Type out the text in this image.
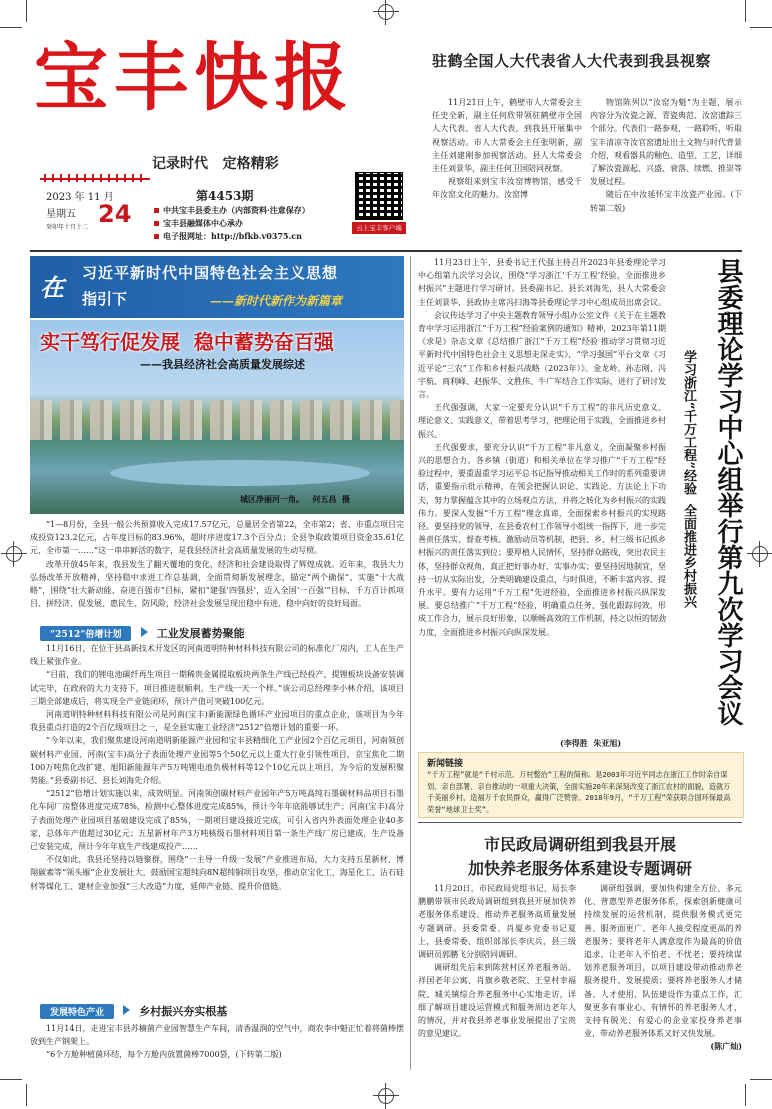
宝丰快报
记录时代   定格精彩
2023 年 11 月
星期五
癸卯年十月十二 24
第4453期
中共宝丰县委主办（内部资料·注意保存）
宝丰县融媒体中心承办
电子报网址：http://bfkb.v0375.cn
云上宝丰客户端
驻鹤全国人大代表省人大代表到我县视察

11月21日上午，鹤壁市人大常委会主任史全新，副主任何欣带领驻鹤壁市全国人大代表、省人大代表，到我县开展集中视察活动。市人大常委会主任张明新，副主任刘建刚参加视察活动。县人大常委会主任刘景华，副主任何卫国陪同视察。

视察组来到宝丰汝窑博物馆，感受千年汝窑文化的魅力。汝窑博

物馆陈列以“汝窑为魁”为主题，展示内容分为汝瓷之源、青瓷典范、汝窑遗踪三个部分。代表们一路参观，一路聆听，听取宝丰清凉寺汝官窑遗址出土文物与时代背景介绍，观看器具的釉色、造型、工艺，详细了解汝瓷源起、兴盛、衰落、续燃、推崇等发展过程。

随后在中汝延怀宝丰汝瓷产业园。(下转第二版)

在 习近平新时代中国特色社会主义思想
指引下	——新时代新作为新篇章
实干笃行促发展  稳中蓄势奋百强
——我县经济社会高质量发展综述
城区净丽河一角。   何五昌  摄

“1—8月份，全县一般公共预算收入完成17.57亿元，总量居全省第22，全市第2；省、市重点项目完成投资123.2亿元，占年度目标的83.96%，超时序进度17.3个百分点；全县争取政策项目资金35.61亿元，全市第一……”这一串串鲜活的数字，是我县经济社会高质量发展的生动写照。

改革开放45年来，我县发生了翻天覆地的变化，经济和社会建设取得了辉煌成就。近年来，我县大力弘扬改革开放精神，坚持稳中求进工作总基调，全面贯彻新发展理念，锚定“两个确保”、实施“十大战略”，围绕“壮大新动能、奋进百强市”目标，紧扣“建强‘四强县’，迈入全国‘一百强’”目标，千方百计抓项目、拼经济、促发展、惠民生、防风险，经济社会发展呈现出稳中有进、稳中向好的良好局面。

“2512”倍增计划	工业发展蓄势聚能

11月16日，在位于县高新技术开发区的河南道明特种材料科技有限公司的标准化厂房内，工人在生产线上紧张作业。

“目前，我们的锂电池碳纤再生项目一期稀贵金属提取板块两条生产线已经投产，提锂板块设备安装调试完毕，在政府的大力支持下，项目推进很顺利，生产线一天一个样。”该公司总经理李小林介绍，该项目三期全部建成后，将实现全产业链闭环，预计产值可突破100亿元。

河南道明特种材料科技有限公司是河南(宝丰)新能源绿色循环产业园项目的重点企业，该项目为今年我县重点打造的2个百亿级项目之一，是全县实施工业经济“2512”倍增计划的重要一环。

“今年以来，我们聚焦建设河南道明新能源产业园和宝丰县精细化工产业园2个百亿元项目，河南领创碳材料产业园、河南(宝丰)高分子表面处理产业园等5个50亿元以上重大行业引领性项目，京宝焦化二期100万吨焦化改扩建、旭阳新能源年产5万吨锂电池负极材料等12个10亿元以上项目，为今后的发展积聚势能。”县委副书记、县长刘海先介绍。

“2512”倍增计划实施以来，成效明显。河南领创碳材料产业园年产5万吨高纯石墨碳材料品项目石墨化车间厂房整体进度完成78%，检测中心整体进度完成85%，预计今年年底能够试生产；河南(宝丰)高分子表面处理产业园项目基础建设完成了85%，一期项目建设接近完成，可引入省内外表面处理企业40多家，总体年产值超过30亿元；五星新材年产3万吨核级石墨材料项目第一条生产线厂房已建成，生产设备已安装完成，预计今年年底生产线建成投产……

不仅如此，我县还坚持以链聚群，围绕“一主导一升级一发展”产业推进布局，大力支持五星新材、博翔碳素等“领头雁”企业发展壮大，鼓励国宝超纯向8N超纯铜项目攻坚，推动京宝化工、海星化工、沾石硅材等煤化工、建材企业加强“三大改造”力度，延伸产业链、提升价值链。

发展特色产业	乡村振兴夯实根基

11月14日，走进宝丰县苏楠菌产业园智慧生产车间，清香温润的空气中，商农李中魁正忙着将菌棒摆放到生产钢架上。

“6个方舱种植菌环结，每个方舱内放置菌棒7000袋，(下转第二版)

11月23日上午，县委书记王代强主持召开2023年县委理论学习中心组第九次学习会议，围绕“学习浙江‘千万工程’经验，全面推进乡村振兴”主题进行学习研讨。县委副书记、县长刘海先，县人大常委会主任刘景华，县政协主席冯扫海等县委理论学习中心组成员出席会议。

会议传达学习了中央主题教育领导小组办公室文件《关于在主题教育中学习运用浙江“千万工程”经验案例的通知》精神，2023年第11期《求是》杂志文章《总结推广浙江“千万工程”经验 推动学习贯彻习近平新时代中国特色社会主义思想走深走实》，“学习强国”平台文章《习近平论“三农”工作和乡村振兴战略（2023年）》。金龙岭、孙志刚、冯宇航、商利峰、赵振华、文胜伟、牛广军结合工作实际，进行了研讨发言。

王代强强调，大家一定要充分认识“千万工程”的非凡历史意义、理论意义、实践意义，带着思考学习，把理论用于实践，全面推进乡村振兴。

王代强要求，要充分认识“千万工程”非凡意义，全面凝聚乡村振兴的思想合力。各乡镇（街道）和相关单位在学习推广“千万工程”经验过程中，要重温重学习运平总书记指导推动相关工作时的系列重要讲话，重要指示批示精神，在领会把握认识论、实践论、方法论上下功夫，努力掌握蕴含其中的立场观点方法，并将之转化为乡村振兴的实践伟力。要深入发掘“千万工程”理念真谛，全面探索乡村振兴的实现路径。要坚持党的领导，在县委农村工作领导小组统一指挥下，进一步完善责任落实、督查考核、激励动员等机制，把县、乡、村三级书记抓乡村振兴的责任落实到位；要厚植人民情怀，坚持群众路线，突出农民主体，坚持群众视角，真正把好事办好、实事办实；要坚持因地制宜，坚持一切从实际出发，分类明确建设重点，与时俱进，不断丰富内容、提升水平。要有力运用“千万工程”先进经验，全面推进乡村振兴纵深发展。要总结推广“千万工程”经验，明确重点任务，强化跟踪问效，形成工作合力，展示良好形象，以顺畅高效的工作机制，持之以恒的韧劲力度，全面推进乡村振兴向纵深发展。

(李得胜  朱亚旭)
县委理论学习中心组举行第九次学习会议
学习浙江“千万工程”经验  全面推进乡村振兴
新闻链接
“千万工程”就是“千村示范、万村整治”工程的简称。是2003年习近平同志在浙江工作时亲自谋划、亲自部署、亲自推动的一项重大决策，全面实施20年来深刻改变了浙江农村的面貌，造就万千美丽乡村，造福万千农民群众，赢得广泛赞誉。2018年9月，“千万工程”荣获联合国环保最高荣誉“地球卫士奖”。
市民政局调研组到我县开展
加快养老服务体系建设专题调研

11月20日，市民政局党组书记、局长李鹏鹏带领市民政局调研组到我县开展加快养老服务体系建设、推动养老服务高质量发展专题调研。县委常委、肖厦乡党委书记夏上，县委常委、组织部部长李庆兵，县三级调研员郭鹏飞分别陪同调研。

调研组先后来到陈营村区养老服务站、祥国老年公寓、肖旗乡敬老院、王堂村幸福院、城关镇综合养老服务中心实地走访，详细了解项目建设运营模式和服务周边老年人的情况，并对我县养老事业发展提出了宝贵的意见建议。

调研组强调，要加快构建全方位、多元化、普惠型养老服务体系，探索创新健康可持续发展的运营机制，提供服务模式更完善、服务面更广、老年人接受程度更高的养老服务；要将老年人满意度作为最高的价值追求，让老年人不怕老、不忧老；要持续谋划养老服务项目，以项目建设带动推动养老服务提升、发展提质；要将养老服务人才储备、人才使用、队伍建设作为重点工作，汇聚更多有事业心、有情怀的养老服务人才，支持有脱光、有爱心的企业家投身养老事业，带动养老服务体系又好又快发展。

(陈广灿)
